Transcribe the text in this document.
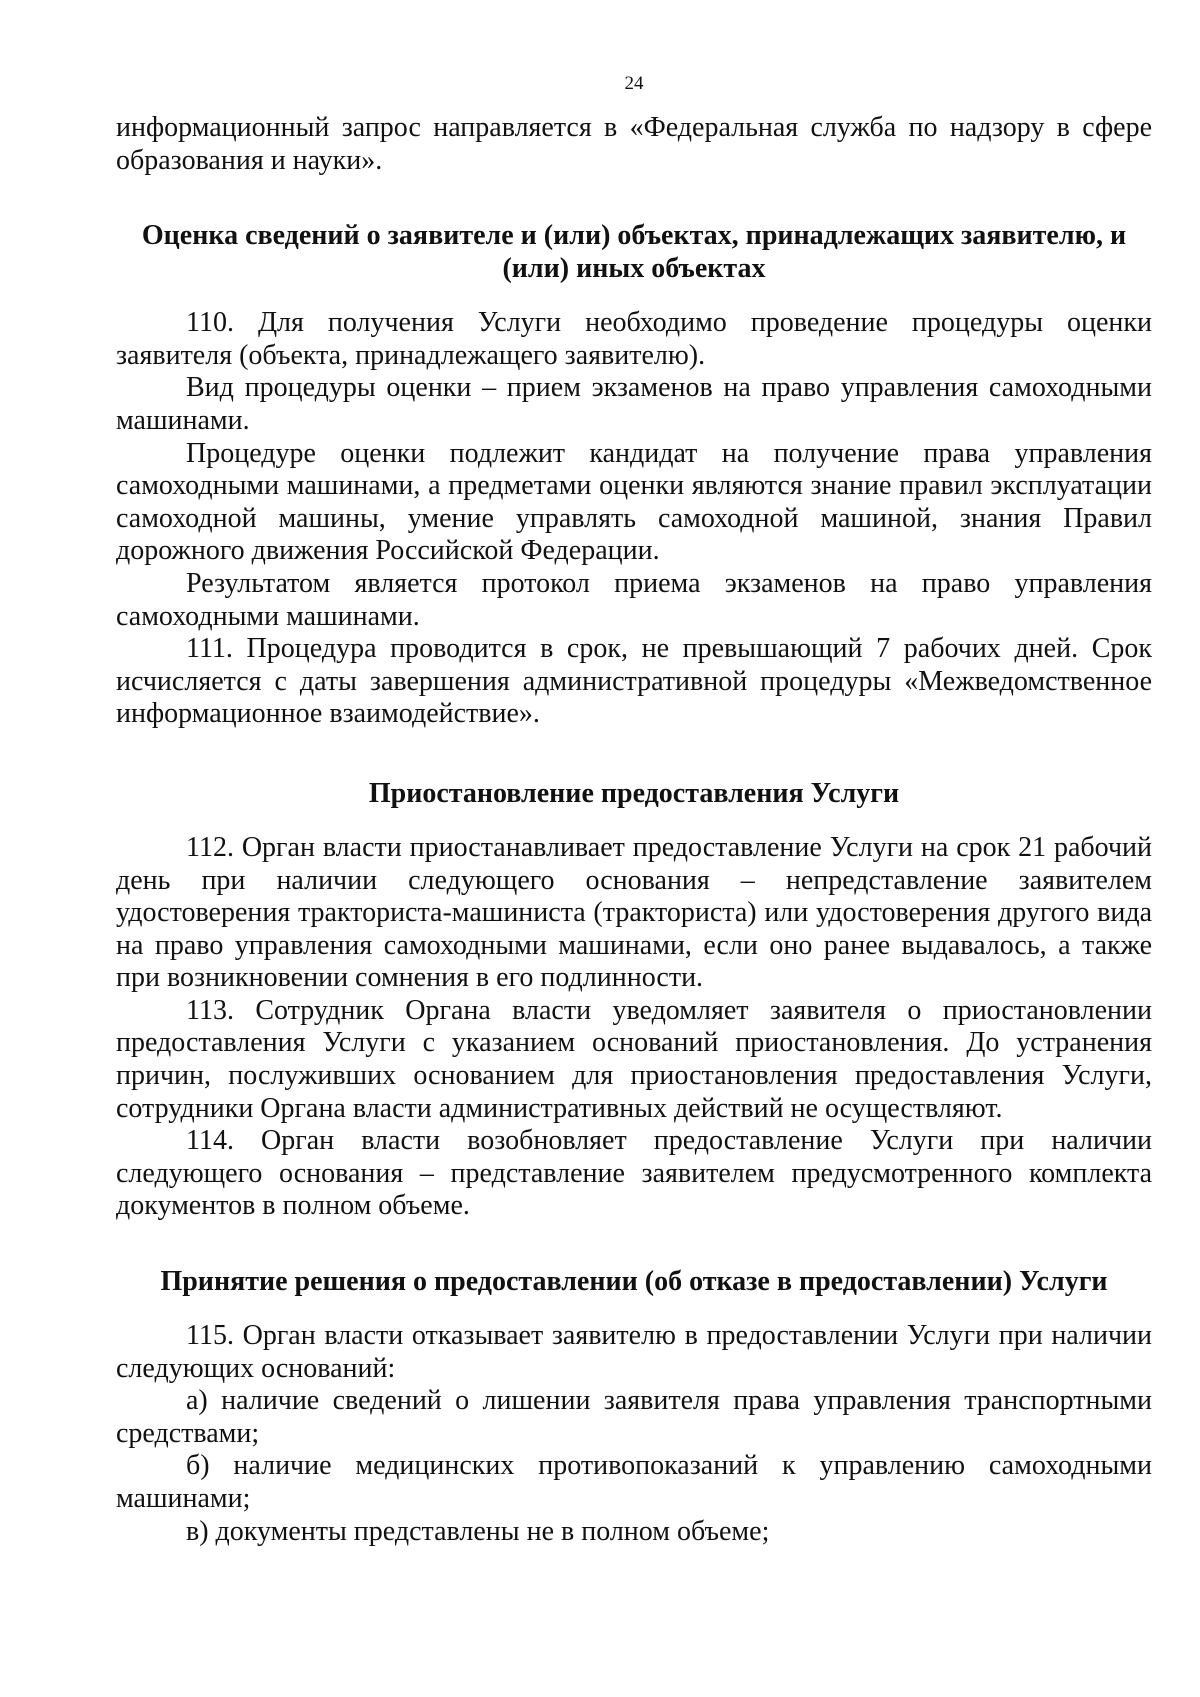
24

информационный запрос направляется в «Федеральная служба по надзору в сфере образования и науки».

Оценка сведений о заявителе и (или) объектах, принадлежащих заявителю, и (или) иных объектах

110. Для получения Услуги необходимо проведение процедуры оценки заявителя (объекта, принадлежащего заявителю).

Вид процедуры оценки – прием экзаменов на право управления самоходными машинами.

Процедуре оценки подлежит кандидат на получение права управления самоходными машинами, а предметами оценки являются знание правил эксплуатации самоходной машины, умение управлять самоходной машиной, знания Правил дорожного движения Российской Федерации.

Результатом является протокол приема экзаменов на право управления самоходными машинами.

111. Процедура проводится в срок, не превышающий 7 рабочих дней. Срок исчисляется с даты завершения административной процедуры «Межведомственное информационное взаимодействие».

Приостановление предоставления Услуги

112. Орган власти приостанавливает предоставление Услуги на срок 21 рабочий день при наличии следующего основания – непредставление заявителем удостоверения тракториста-машиниста (тракториста) или удостоверения другого вида на право управления самоходными машинами, если оно ранее выдавалось, а также при возникновении сомнения в его подлинности.

113. Сотрудник Органа власти уведомляет заявителя о приостановлении предоставления Услуги с указанием оснований приостановления. До устранения причин, послуживших основанием для приостановления предоставления Услуги, сотрудники Органа власти административных действий не осуществляют.

114. Орган власти возобновляет предоставление Услуги при наличии следующего основания – представление заявителем предусмотренного комплекта документов в полном объеме.

Принятие решения о предоставлении (об отказе в предоставлении) Услуги

115. Орган власти отказывает заявителю в предоставлении Услуги при наличии следующих оснований:

а) наличие сведений о лишении заявителя права управления транспортными средствами;

б) наличие медицинских противопоказаний к управлению самоходными машинами;

в) документы представлены не в полном объеме;
